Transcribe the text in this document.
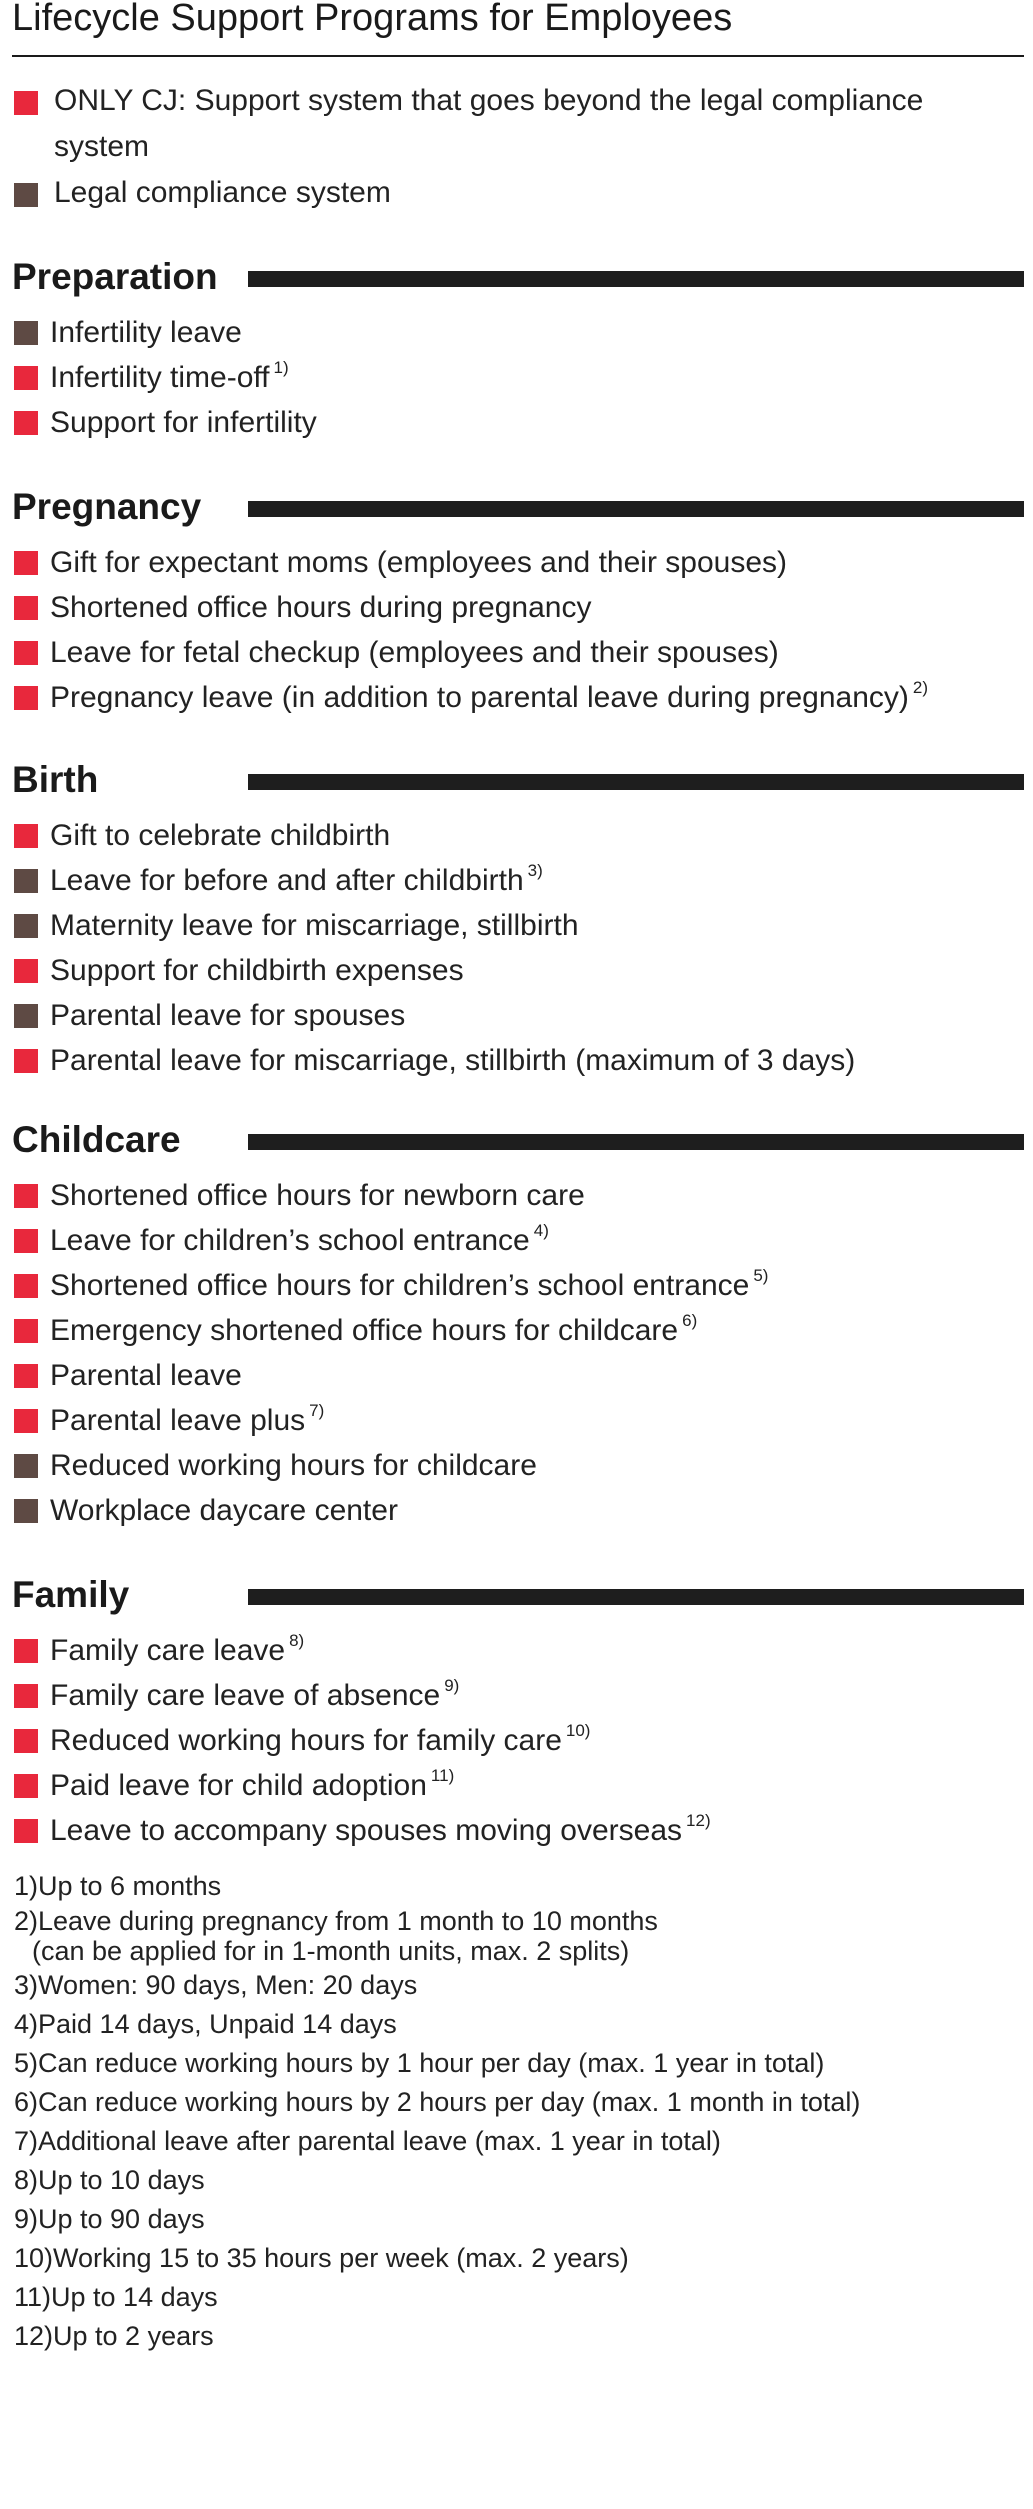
Lifecycle Support Programs for Employees
ONLY CJ: Support system that goes beyond the legal compliance system
Legal compliance system
Preparation
Infertility leave
Infertility time-off $^{1)}$
Support for infertility
Pregnancy
Gift for expectant moms (employees and their spouses)
Shortened office hours during pregnancy
Leave for fetal checkup (employees and their spouses)
Pregnancy leave (in addition to parental leave during pregnancy) $^{2)}$
Birth
Gift to celebrate childbirth
Leave for before and after childbirth $^{3)}$
Maternity leave for miscarriage, stillbirth
Support for childbirth expenses
Parental leave for spouses
Parental leave for miscarriage, stillbirth (maximum of 3 days)
Childcare
Shortened office hours for newborn care
Leave for children’s school entrance $^{4)}$
Shortened office hours for children’s school entrance $^{5)}$
Emergency shortened office hours for childcare $^{6)}$
Parental leave
Parental leave plus $^{7)}$
Reduced working hours for childcare
Workplace daycare center
Family
Family care leave $^{8)}$
Family care leave of absence $^{9)}$
Reduced working hours for family care $^{10)}$
Paid leave for child adoption $^{11)}$
Leave to accompany spouses moving overseas $^{12)}$
1)Up to 6 months
2)Leave during pregnancy from 1 month to 10 months
(can be applied for in 1-month units, max. 2 splits)
3)Women: 90 days, Men: 20 days
4)Paid 14 days, Unpaid 14 days
5)Can reduce working hours by 1 hour per day (max. 1 year in total)
6)Can reduce working hours by 2 hours per day (max. 1 month in total)
7)Additional leave after parental leave (max. 1 year in total)
8)Up to 10 days
9)Up to 90 days
10)Working 15 to 35 hours per week (max. 2 years)
11)Up to 14 days
12)Up to 2 years
